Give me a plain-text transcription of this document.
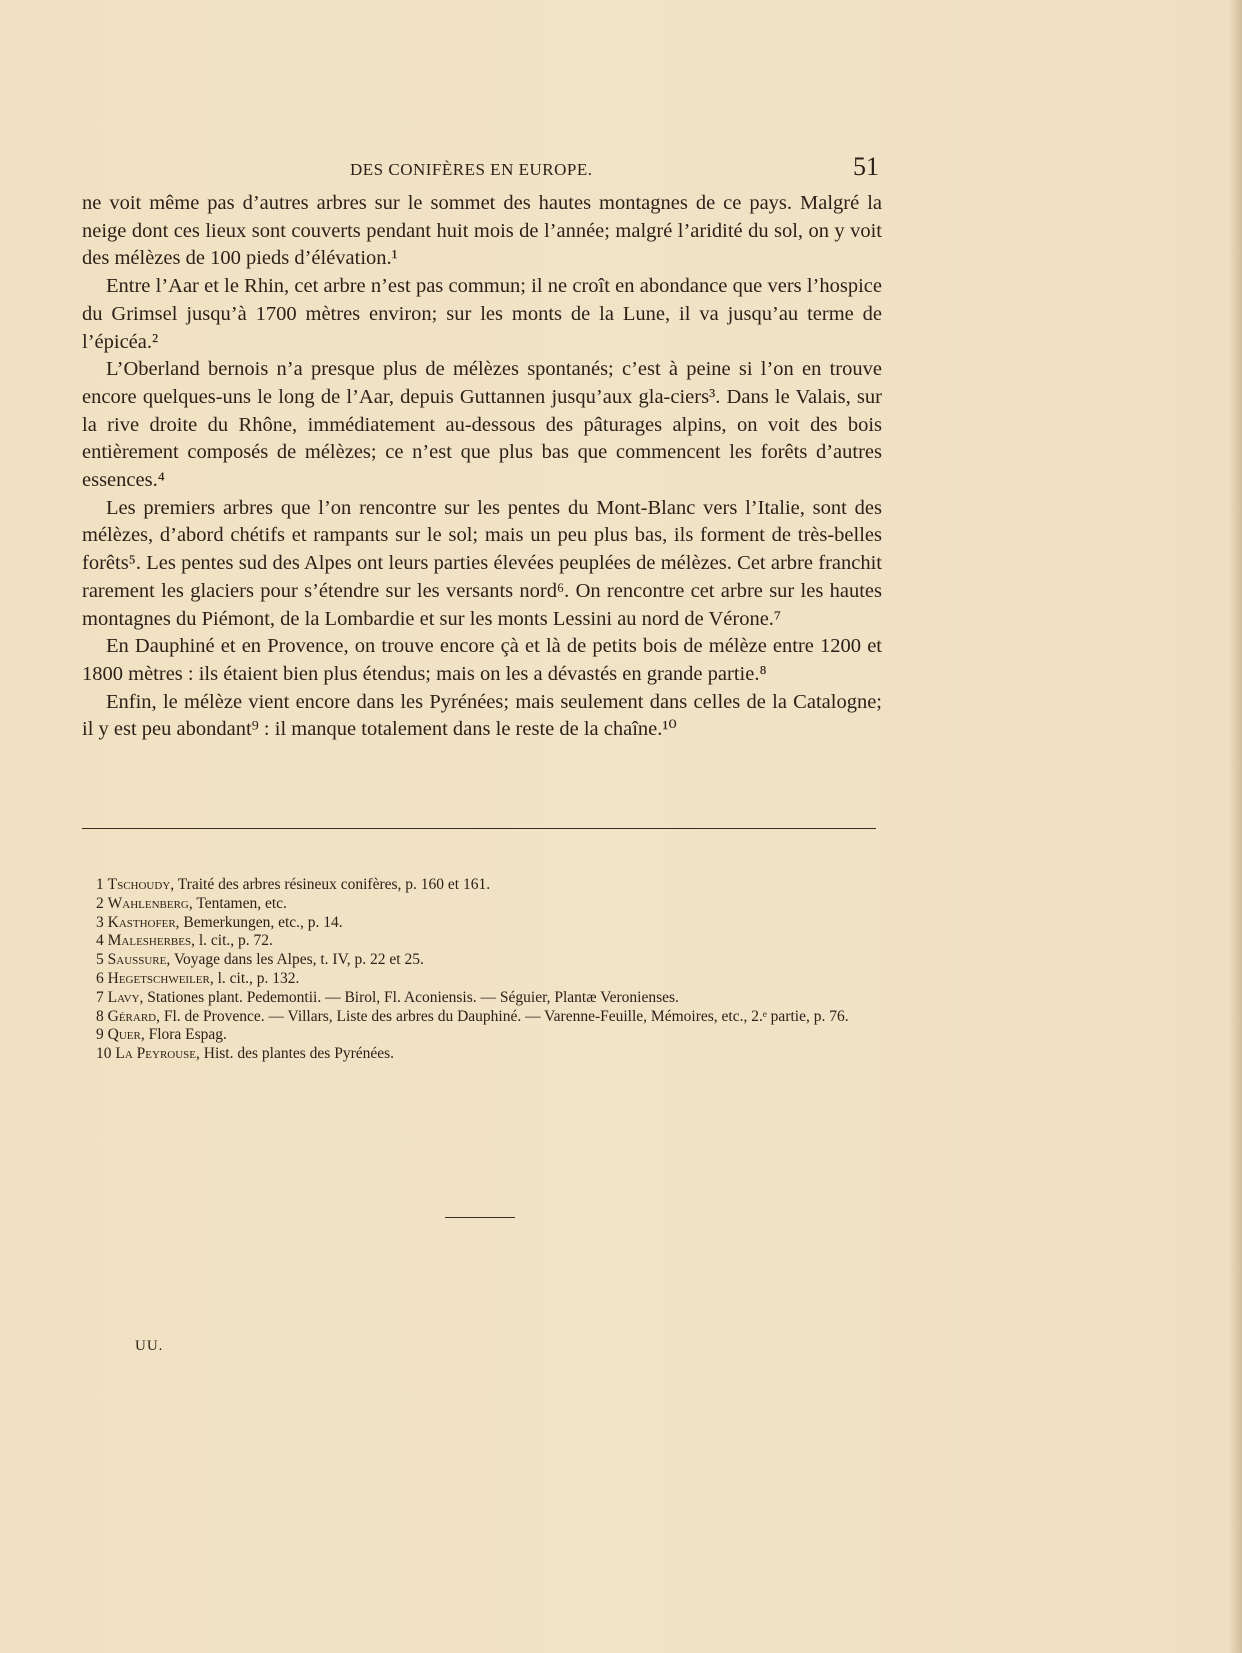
DES CONIFÈRES EN EUROPE.	51

ne voit même pas d’autres arbres sur le sommet des hautes montagnes de ce pays. Malgré la neige dont ces lieux sont couverts pendant huit mois de l’année; malgré l’aridité du sol, on y voit des mélèzes de 100 pieds d’élévation.¹

Entre l’Aar et le Rhin, cet arbre n’est pas commun; il ne croît en abondance que vers l’hospice du Grimsel jusqu’à 1700 mètres environ; sur les monts de la Lune, il va jusqu’au terme de l’épicéa.²

L’Oberland bernois n’a presque plus de mélèzes spontanés; c’est à peine si l’on en trouve encore quelques-uns le long de l’Aar, depuis Guttannen jusqu’aux gla-ciers³. Dans le Valais, sur la rive droite du Rhône, immédiatement au-dessous des pâturages alpins, on voit des bois entièrement composés de mélèzes; ce n’est que plus bas que commencent les forêts d’autres essences.⁴

Les premiers arbres que l’on rencontre sur les pentes du Mont-Blanc vers l’Italie, sont des mélèzes, d’abord chétifs et rampants sur le sol; mais un peu plus bas, ils forment de très-belles forêts⁵. Les pentes sud des Alpes ont leurs parties élevées peuplées de mélèzes. Cet arbre franchit rarement les glaciers pour s’étendre sur les versants nord⁶. On rencontre cet arbre sur les hautes montagnes du Piémont, de la Lombardie et sur les monts Lessini au nord de Vérone.⁷

En Dauphiné et en Provence, on trouve encore çà et là de petits bois de mélèze entre 1200 et 1800 mètres : ils étaient bien plus étendus; mais on les a dévastés en grande partie.⁸

Enfin, le mélèze vient encore dans les Pyrénées; mais seulement dans celles de la Catalogne; il y est peu abondant⁹ : il manque totalement dans le reste de la chaîne.¹⁰

1 Tschoudy, Traité des arbres résineux conifères, p. 160 et 161.

2 Wahlenberg, Tentamen, etc.

3 Kasthofer, Bemerkungen, etc., p. 14.

4 Malesherbes, l. cit., p. 72.

5 Saussure, Voyage dans les Alpes, t. IV, p. 22 et 25.

6 Hegetschweiler, l. cit., p. 132.

7 Lavy, Stationes plant. Pedemontii. — Birol, Fl. Aconiensis. — Séguier, Plantæ Veronienses.

8 Gérard, Fl. de Provence. — Villars, Liste des arbres du Dauphiné. — Varenne-Feuille, Mémoires, etc., 2.ᵉ partie, p. 76.

9 Quer, Flora Espag.

10 La Peyrouse, Hist. des plantes des Pyrénées.

UU.
